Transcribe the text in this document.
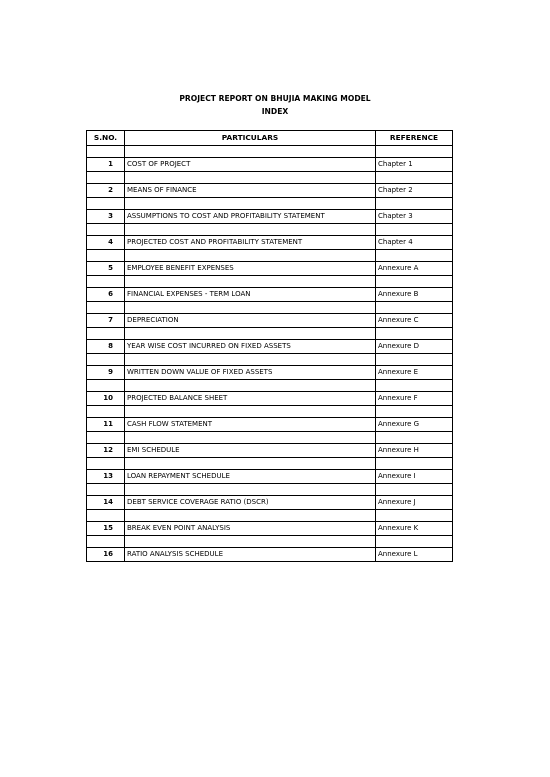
PROJECT REPORT ON BHUJIA MAKING MODEL
INDEX
S.NO.	PARTICULARS	REFERENCE

1	COST OF PROJECT	Chapter 1

2	MEANS OF FINANCE	Chapter 2

3	ASSUMPTIONS TO COST AND PROFITABILITY STATEMENT	Chapter 3

4	PROJECTED COST AND PROFITABILITY STATEMENT	Chapter 4

5	EMPLOYEE BENEFIT EXPENSES	Annexure A

6	FINANCIAL EXPENSES - TERM LOAN	Annexure B

7	DEPRECIATION	Annexure C

8	YEAR WISE COST INCURRED ON FIXED ASSETS	Annexure D

9	WRITTEN DOWN VALUE OF FIXED ASSETS	Annexure E

10	PROJECTED BALANCE SHEET	Annexure F

11	CASH FLOW STATEMENT	Annexure G

12	EMI SCHEDULE	Annexure H

13	LOAN REPAYMENT SCHEDULE	Annexure I

14	DEBT SERVICE COVERAGE RATIO (DSCR)	Annexure J

15	BREAK EVEN POINT ANALYSIS	Annexure K

16	RATIO ANALYSIS SCHEDULE	Annexure L
